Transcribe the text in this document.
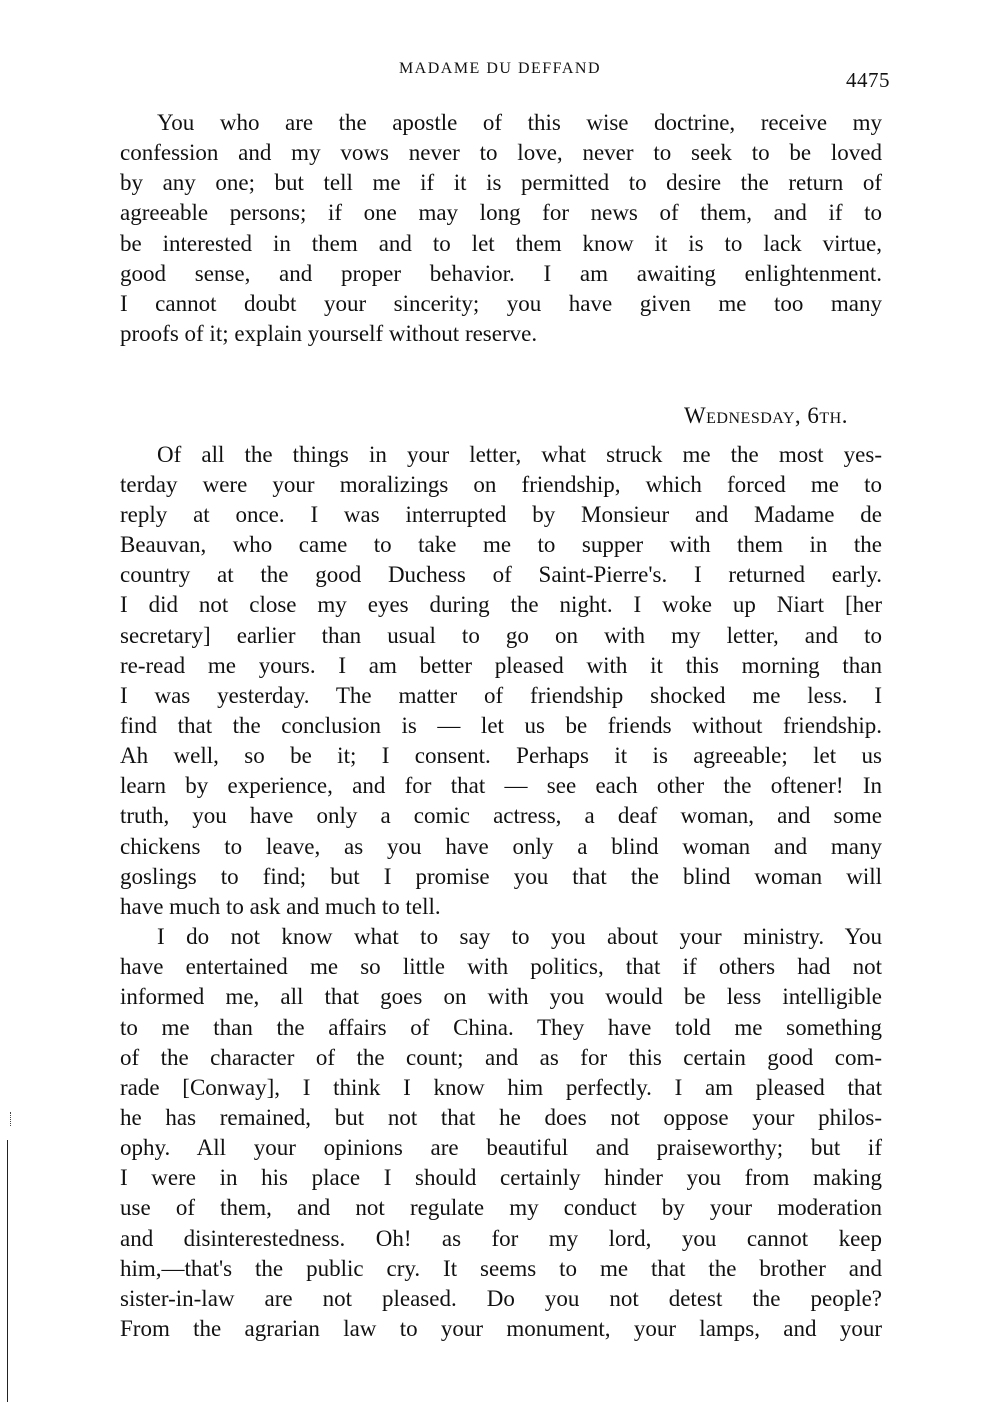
MADAME DU DEFFAND	4475
Wednesday, 6th.
You who are the apostle of this wise doctrine, receive my
confession and my vows never to love, never to seek to be loved
by any one; but tell me if it is permitted to desire the return of
agreeable persons; if one may long for news of them, and if to
be interested in them and to let them know it is to lack virtue,
good sense, and proper behavior. I am awaiting enlightenment.
I cannot doubt your sincerity; you have given me too many
proofs of it; explain yourself without reserve.
Of all the things in your letter, what struck me the most yes-
terday were your moralizings on friendship, which forced me to
reply at once. I was interrupted by Monsieur and Madame de
Beauvan, who came to take me to supper with them in the
country at the good Duchess of Saint-Pierre's. I returned early.
I did not close my eyes during the night. I woke up Niart [her
secretary] earlier than usual to go on with my letter, and to
re-read me yours. I am better pleased with it this morning than
I was yesterday. The matter of friendship shocked me less. I
find that the conclusion is — let us be friends without friendship.
Ah well, so be it; I consent. Perhaps it is agreeable; let us
learn by experience, and for that — see each other the oftener! In
truth, you have only a comic actress, a deaf woman, and some
chickens to leave, as you have only a blind woman and many
goslings to find; but I promise you that the blind woman will
have much to ask and much to tell.
I do not know what to say to you about your ministry. You
have entertained me so little with politics, that if others had not
informed me, all that goes on with you would be less intelligible
to me than the affairs of China. They have told me something
of the character of the count; and as for this certain good com-
rade [Conway], I think I know him perfectly. I am pleased that
he has remained, but not that he does not oppose your philos-
ophy. All your opinions are beautiful and praiseworthy; but if
I were in his place I should certainly hinder you from making
use of them, and not regulate my conduct by your moderation
and disinterestedness. Oh! as for my lord, you cannot keep
him,—that's the public cry. It seems to me that the brother and
sister-in-law are not pleased. Do you not detest the people?
From the agrarian law to your monument, your lamps, and your
